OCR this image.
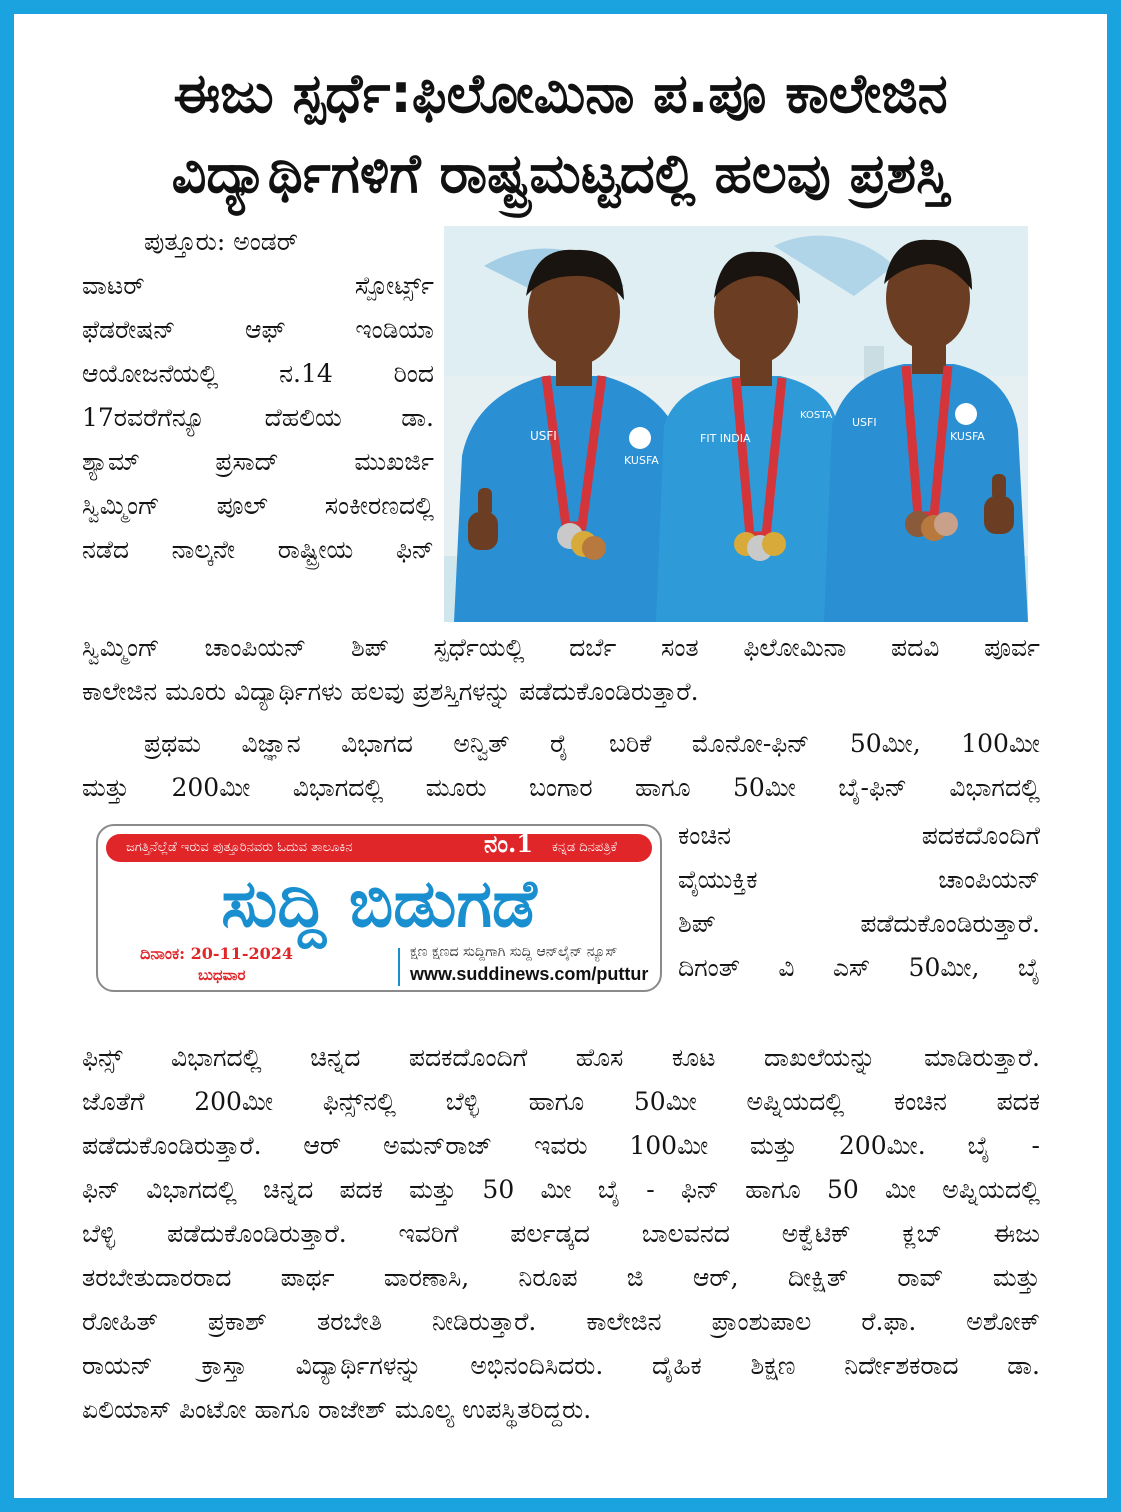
ಈಜು ಸ್ಪರ್ಧೆ:ಫಿಲೋಮಿನಾ ಪ.ಪೂ ಕಾಲೇಜಿನ
ವಿದ್ಯಾರ್ಥಿಗಳಿಗೆ ರಾಷ್ಟ್ರಮಟ್ಟದಲ್ಲಿ ಹಲವು ಪ್ರಶಸ್ತಿ
ಪುತ್ತೂರು: ಅಂಡರ್
ವಾಟರ್ ಸ್ಪೋರ್ಟ್ಸ್
ಫೆಡರೇಷನ್ ಆಫ್ ಇಂಡಿಯಾ
ಆಯೋಜನೆಯಲ್ಲಿ ನ.14 ರಿಂದ
17ರವರೆಗೆನ್ಯೂ ದೆಹಲಿಯ ಡಾ.
ಶ್ಯಾಮ್ ಪ್ರಸಾದ್ ಮುಖರ್ಜಿ
ಸ್ವಿಮ್ಮಿಂಗ್ ಪೂಲ್ ಸಂಕೀರಣದಲ್ಲಿ
ನಡೆದ ನಾಲ್ಕನೇ ರಾಷ್ಟ್ರೀಯ ಫಿನ್
USFI
KUSFA
FIT INDIA
KOSTA
USFI
KUSFA
ಸ್ವಿಮ್ಮಿಂಗ್ ಚಾಂಪಿಯನ್ ಶಿಪ್ ಸ್ಪರ್ಧೆಯಲ್ಲಿ ದರ್ಬೆ ಸಂತ ಫಿಲೋಮಿನಾ ಪದವಿ ಪೂರ್ವ
ಕಾಲೇಜಿನ ಮೂರು ವಿದ್ಯಾರ್ಥಿಗಳು ಹಲವು ಪ್ರಶಸ್ತಿಗಳನ್ನು ಪಡೆದುಕೊಂಡಿರುತ್ತಾರೆ.
ಪ್ರಥಮ ವಿಜ್ಞಾನ ವಿಭಾಗದ ಅನ್ವಿತ್ ರೈ ಬರಿಕೆ ಮೊನೋ-ಫಿನ್ 50ಮೀ, 100ಮೀ
ಮತ್ತು 200ಮೀ ವಿಭಾಗದಲ್ಲಿ ಮೂರು ಬಂಗಾರ ಹಾಗೂ 50ಮೀ ಬೈ-ಫಿನ್ ವಿಭಾಗದಲ್ಲಿ
ಕಂಚಿನ ಪದಕದೊಂದಿಗೆ
ವೈಯುಕ್ತಿಕ ಚಾಂಪಿಯನ್
ಶಿಪ್ ಪಡೆದುಕೊಂಡಿರುತ್ತಾರೆ.
ದಿಗಂತ್ ವಿ ಎಸ್ 50ಮೀ, ಬೈ
ಜಗತ್ತಿನೆಲ್ಲೆಡೆ ಇರುವ ಪುತ್ತೂರಿನವರು ಓದುವ ತಾಲೂಕಿನ	ನಂ.1 ಕನ್ನಡ ದಿನಪತ್ರಿಕೆ
ಸುದ್ದಿ ಬಿಡುಗಡೆ
ದಿನಾಂಕ: 20-11-2024
ಬುಧವಾರ
ಕ್ಷಣ ಕ್ಷಣದ ಸುದ್ದಿಗಾಗಿ ಸುದ್ದಿ ಆನ್‌ಲೈನ್ ನ್ಯೂಸ್
www.suddinews.com/puttur
ಫಿನ್ಸ್ ವಿಭಾಗದಲ್ಲಿ ಚಿನ್ನದ ಪದಕದೊಂದಿಗೆ ಹೊಸ ಕೂಟ ದಾಖಲೆಯನ್ನು ಮಾಡಿರುತ್ತಾರೆ.
ಜೊತೆಗೆ 200ಮೀ ಫಿನ್ಸ್‌ನಲ್ಲಿ ಬೆಳ್ಳಿ ಹಾಗೂ 50ಮೀ ಅಪ್ನಿಯದಲ್ಲಿ ಕಂಚಿನ ಪದಕ
ಪಡೆದುಕೊಂಡಿರುತ್ತಾರೆ. ಆರ್ ಅಮನ್‌ರಾಜ್ ಇವರು 100ಮೀ ಮತ್ತು 200ಮೀ. ಬೈ -
ಫಿನ್ ವಿಭಾಗದಲ್ಲಿ ಚಿನ್ನದ ಪದಕ ಮತ್ತು 50 ಮೀ ಬೈ - ಫಿನ್ ಹಾಗೂ 50 ಮೀ ಅಪ್ನಿಯದಲ್ಲಿ
ಬೆಳ್ಳಿ ಪಡೆದುಕೊಂಡಿರುತ್ತಾರೆ. ಇವರಿಗೆ ಪರ್ಲಡ್ಕದ ಬಾಲವನದ ಅಕ್ವೆಟಿಕ್ ಕ್ಲಬ್ ಈಜು
ತರಬೇತುದಾರರಾದ ಪಾರ್ಥ ವಾರಣಾಸಿ, ನಿರೂಪ ಜಿ ಆರ್, ದೀಕ್ಷಿತ್ ರಾವ್ ಮತ್ತು
ರೋಹಿತ್ ಪ್ರಕಾಶ್ ತರಬೇತಿ ನೀಡಿರುತ್ತಾರೆ. ಕಾಲೇಜಿನ ಪ್ರಾಂಶುಪಾಲ ರೆ.ಫಾ. ಅಶೋಕ್
ರಾಯನ್ ಕ್ರಾಸ್ತಾ ವಿದ್ಯಾರ್ಥಿಗಳನ್ನು ಅಭಿನಂದಿಸಿದರು. ದೈಹಿಕ ಶಿಕ್ಷಣ ನಿರ್ದೇಶಕರಾದ ಡಾ.
ಏಲಿಯಾಸ್ ಪಿಂಟೋ ಹಾಗೂ ರಾಜೇಶ್ ಮೂಲ್ಯ ಉಪಸ್ಥಿತರಿದ್ದರು.
